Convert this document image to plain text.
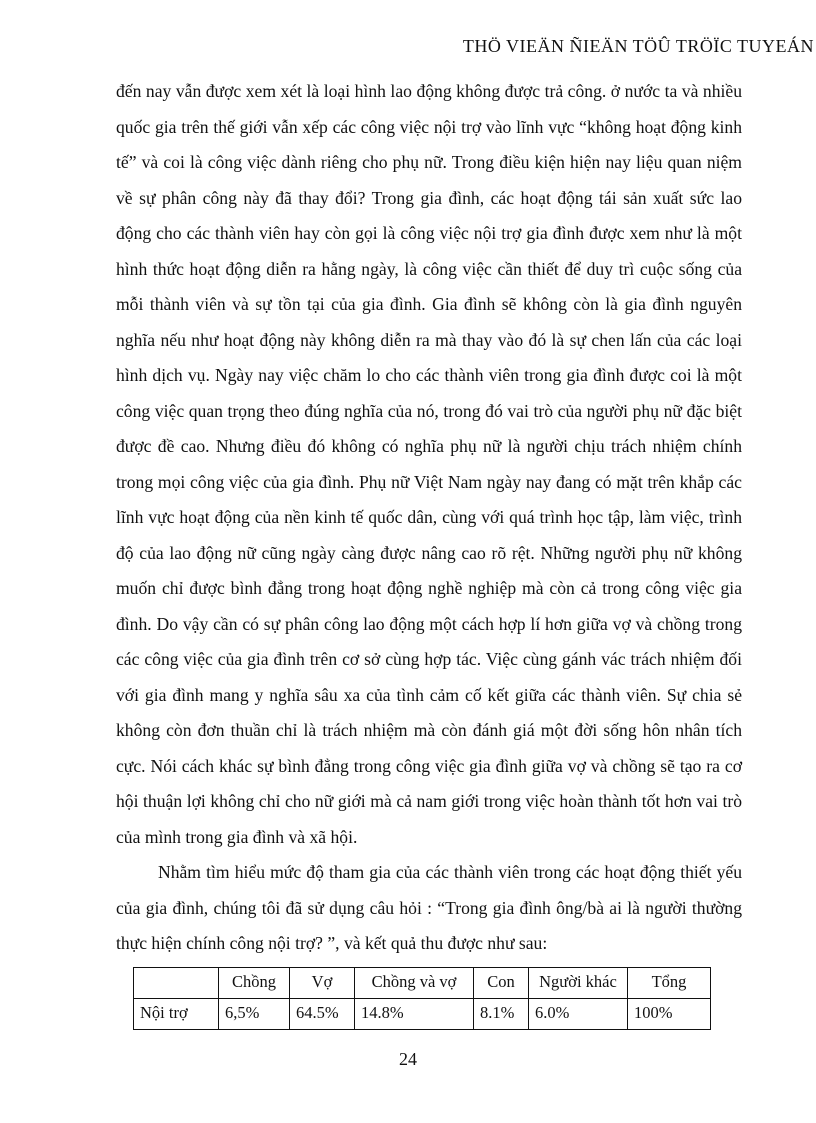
THÖ VIEÄN ÑIEÄN TÖÛ TRÖÏC TUYEÁN

đến nay vẫn được xem xét là loại hình lao động không được trả công. ở nước ta và nhiều quốc gia trên thế giới vẫn xếp các công việc nội trợ vào lĩnh vực “không hoạt động kinh tế” và coi là công việc dành riêng cho phụ nữ. Trong điều kiện hiện nay liệu quan niệm về sự phân công này đã thay đổi? Trong gia đình, các hoạt động tái sản xuất sức lao động cho các thành viên hay còn gọi là công việc nội trợ gia đình được xem như là một hình thức hoạt động diễn ra hằng ngày, là công việc cần thiết để duy trì cuộc sống của mỗi thành viên và sự tồn tại của gia đình. Gia đình sẽ không còn là gia đình nguyên nghĩa nếu như hoạt động này không diễn ra mà thay vào đó là sự chen lấn của các loại hình dịch vụ. Ngày nay việc chăm lo cho các thành viên trong gia đình được coi là một công việc quan trọng theo đúng nghĩa của nó, trong đó vai trò của người phụ nữ đặc biệt được đề cao. Nhưng điều đó không có nghĩa phụ nữ là người chịu trách nhiệm chính trong mọi công việc của gia đình. Phụ nữ Việt Nam ngày nay đang có mặt trên khắp các lĩnh vực hoạt động của nền kinh tế quốc dân, cùng với quá trình học tập, làm việc, trình độ của lao động nữ cũng ngày càng được nâng cao rõ rệt. Những người phụ nữ không muốn chỉ được bình đẳng trong hoạt động nghề nghiệp mà còn cả trong công việc gia đình. Do vậy cần có sự phân công lao động một cách hợp lí hơn giữa vợ và chồng trong các công việc của gia đình trên cơ sở cùng hợp tác. Việc cùng gánh vác trách nhiệm đối với gia đình mang y nghĩa sâu xa của tình cảm cố kết giữa các thành viên. Sự chia sẻ không còn đơn thuần chỉ là trách nhiệm mà còn đánh giá một đời sống hôn nhân tích cực. Nói cách khác sự bình đẳng trong công việc gia đình giữa vợ và chồng sẽ tạo ra cơ hội thuận lợi không chỉ cho nữ giới mà cả nam giới trong việc hoàn thành tốt hơn vai trò của mình trong gia đình và xã hội.

Nhằm tìm hiểu mức độ tham gia của các thành viên trong các hoạt động thiết yếu của gia đình, chúng tôi đã sử dụng câu hỏi : “Trong gia đình ông/bà ai là người thường thực hiện chính công nội trợ? ”, và kết quả thu được như sau:

	Chồng	Vợ	Chồng và vợ	Con	Người khác	Tổng
Nội trợ	6,5%	64.5%	14.8%	8.1%	6.0%	100%
24
